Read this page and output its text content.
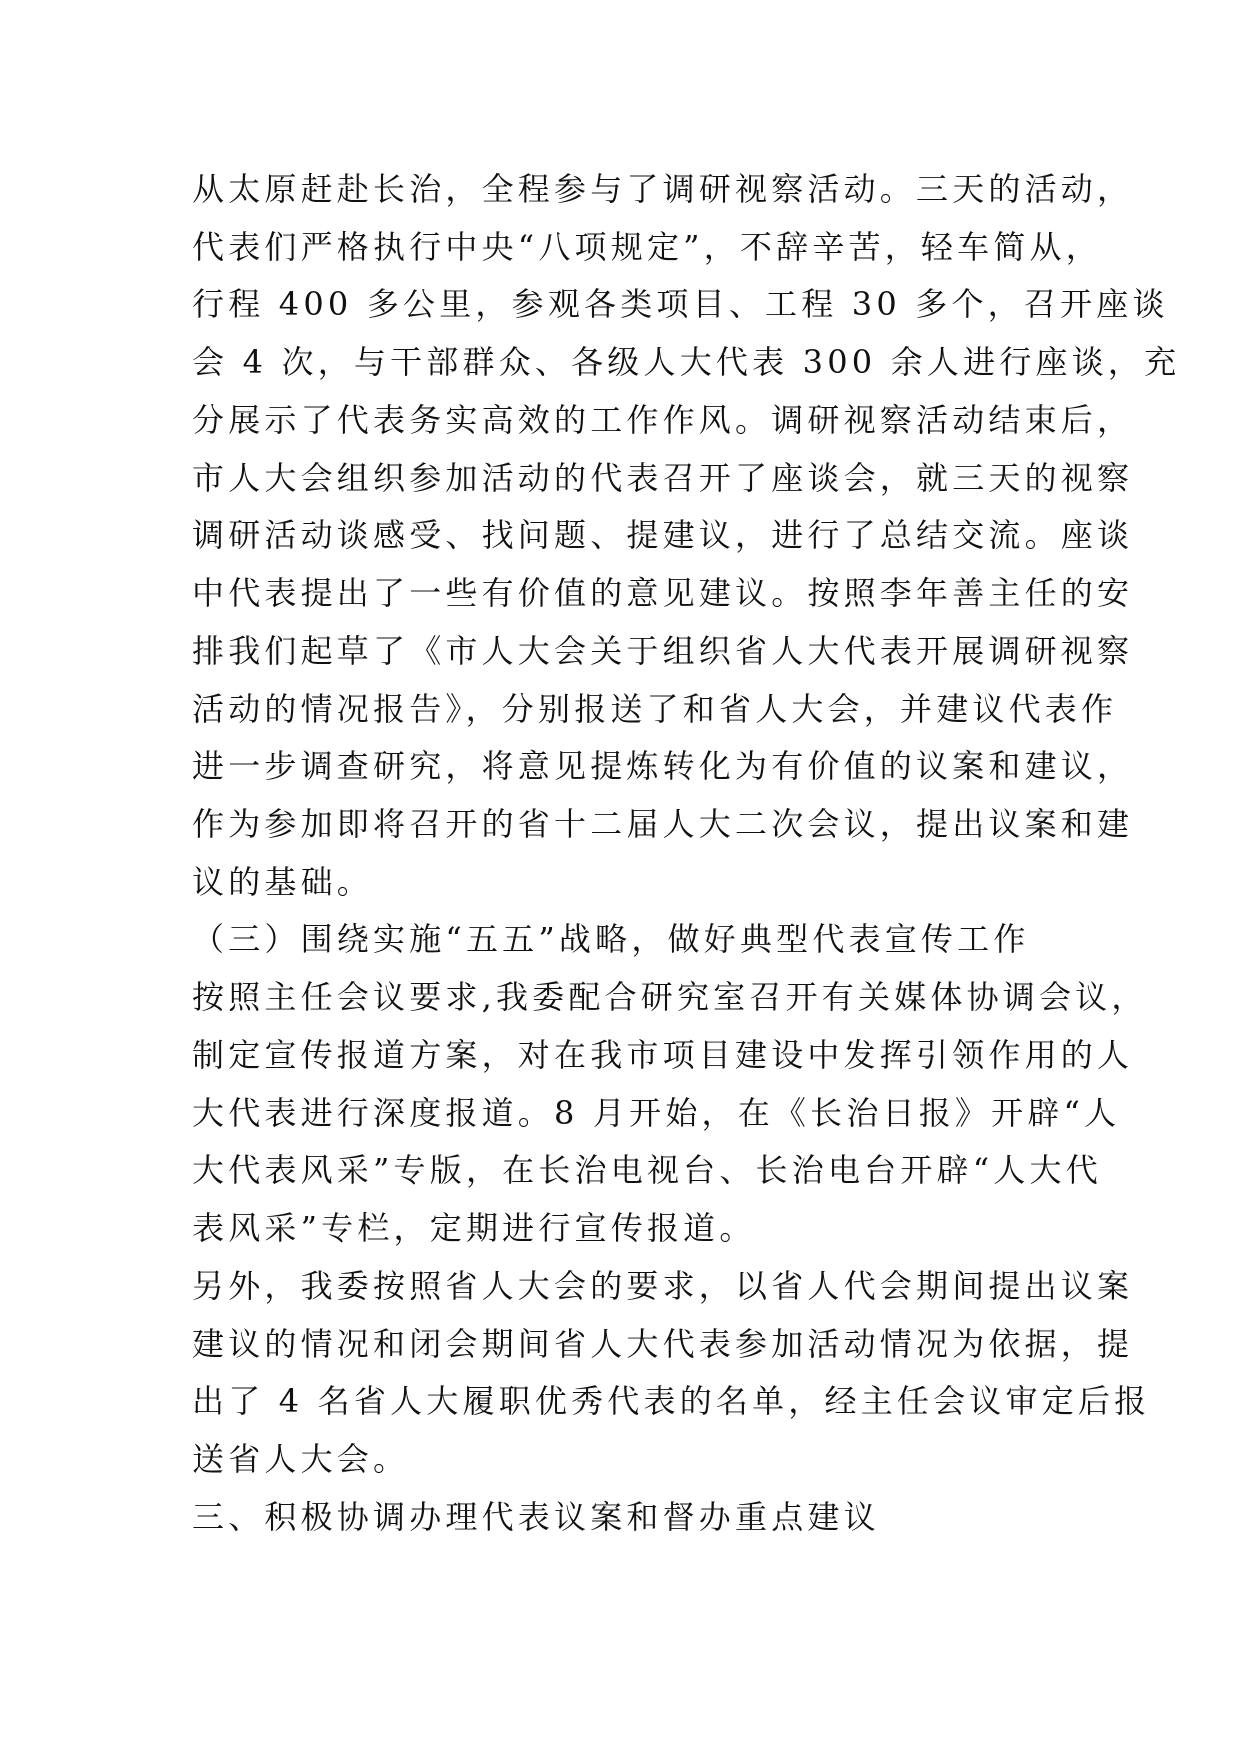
从太原赶赴长治，全程参与了调研视察活动。三天的活动，

代表们严格执行中央“八项规定”，不辞辛苦，轻车简从，

行程 400 多公里，参观各类项目、工程 30 多个，召开座谈

会 4 次，与干部群众、各级人大代表 300 余人进行座谈，充

分展示了代表务实高效的工作作风。调研视察活动结束后，

市人大会组织参加活动的代表召开了座谈会，就三天的视察

调研活动谈感受、找问题、提建议，进行了总结交流。座谈

中代表提出了一些有价值的意见建议。按照李年善主任的安

排我们起草了《市人大会关于组织省人大代表开展调研视察

活动的情况报告》，分别报送了和省人大会，并建议代表作

进一步调查研究，将意见提炼转化为有价值的议案和建议，

作为参加即将召开的省十二届人大二次会议，提出议案和建

议的基础。

（三）围绕实施“五五”战略，做好典型代表宣传工作

按照主任会议要求,我委配合研究室召开有关媒体协调会议，

制定宣传报道方案，对在我市项目建设中发挥引领作用的人

大代表进行深度报道。8 月开始，在《长治日报》开辟“人

大代表风采”专版，在长治电视台、长治电台开辟“人大代

表风采”专栏，定期进行宣传报道。

另外，我委按照省人大会的要求，以省人代会期间提出议案

建议的情况和闭会期间省人大代表参加活动情况为依据，提

出了 4 名省人大履职优秀代表的名单，经主任会议审定后报

送省人大会。

三、积极协调办理代表议案和督办重点建议
